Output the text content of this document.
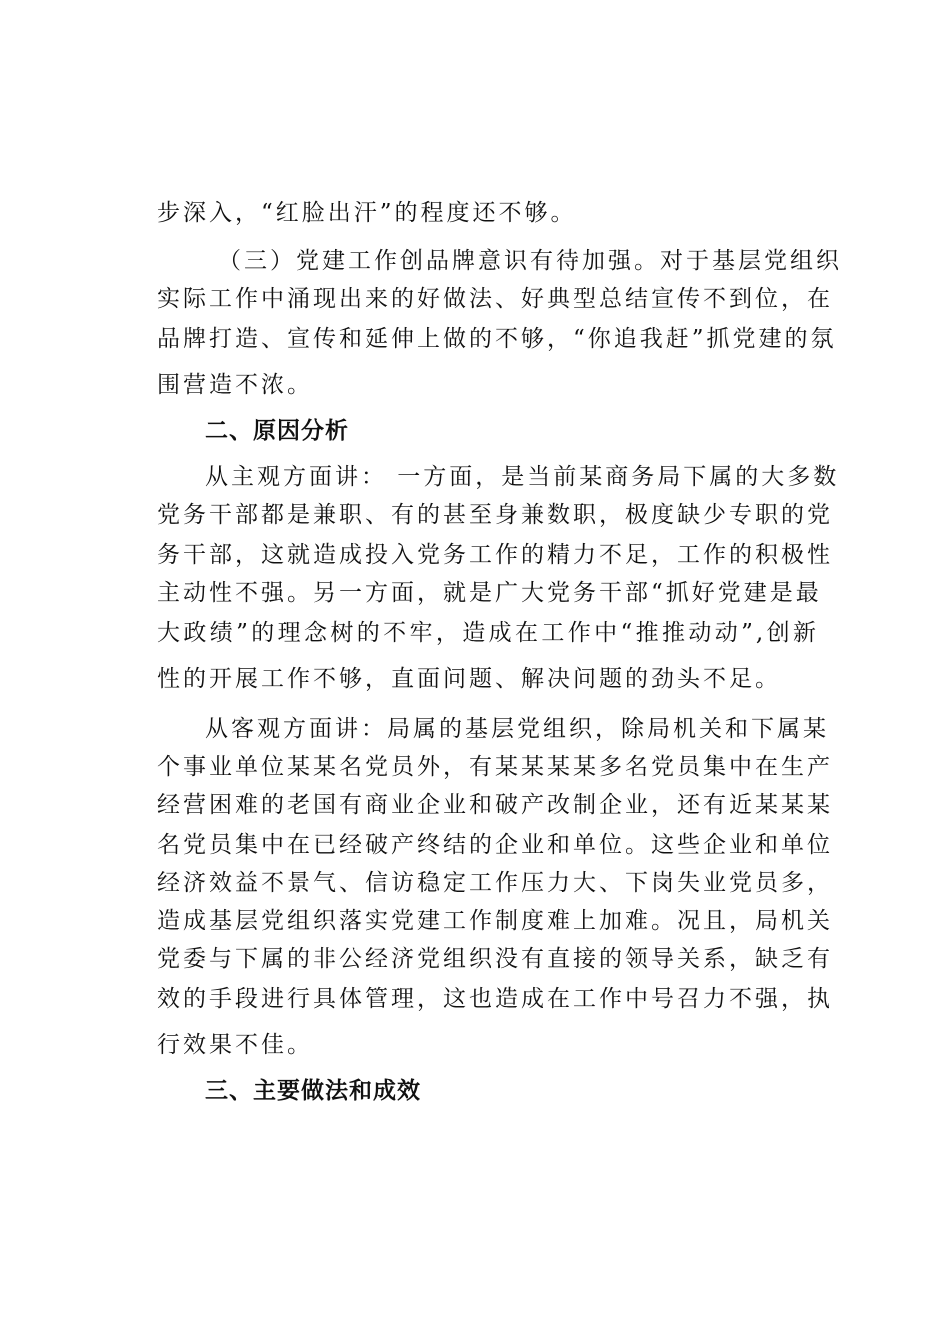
步深入，“红脸出汗”的程度还不够。
（三）党建工作创品牌意识有待加强。对于基层党组织
实际工作中涌现出来的好做法、好典型总结宣传不到位，在
品牌打造、宣传和延伸上做的不够，“你追我赶”抓党建的氛
围营造不浓。
二、原因分析
从主观方面讲： 一方面，是当前某商务局下属的大多数
党务干部都是兼职、有的甚至身兼数职，极度缺少专职的党
务干部，这就造成投入党务工作的精力不足，工作的积极性
主动性不强。另一方面，就是广大党务干部“抓好党建是最
大政绩”的理念树的不牢，造成在工作中“推推动动”,创新
性的开展工作不够，直面问题、解决问题的劲头不足。
从客观方面讲：局属的基层党组织，除局机关和下属某
个事业单位某某名党员外，有某某某某多名党员集中在生产
经营困难的老国有商业企业和破产改制企业，还有近某某某
名党员集中在已经破产终结的企业和单位。这些企业和单位
经济效益不景气、信访稳定工作压力大、下岗失业党员多，
造成基层党组织落实党建工作制度难上加难。况且，局机关
党委与下属的非公经济党组织没有直接的领导关系，缺乏有
效的手段进行具体管理，这也造成在工作中号召力不强，执
行效果不佳。
三、主要做法和成效
